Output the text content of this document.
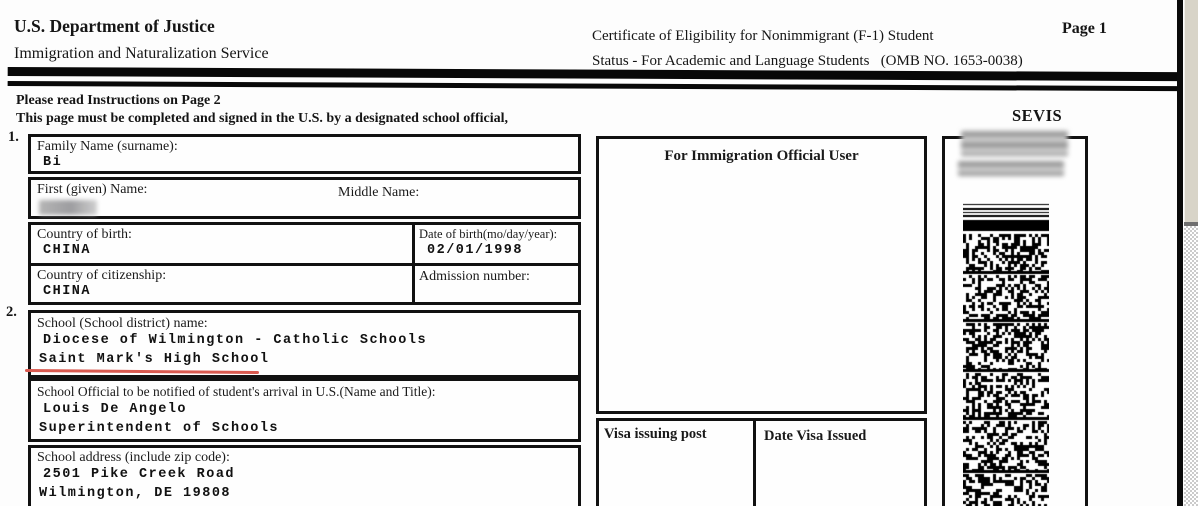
U.S. Department of Justice
Immigration and Naturalization Service
Certificate of Eligibility for Nonimmigrant (F-1) Student
Status - For Academic and Language Students   (OMB NO. 1653-0038)
Page 1
Please read Instructions on Page 2
This page must be completed and signed in the U.S. by a designated school official,
1.
Family Name (surname):
Bi
First (given) Name:	Middle Name:
Country of birth:
CHINA
Date of birth(mo/day/year):
02/01/1998
Country of citizenship:
CHINA
Admission number:
2.
School (School district) name:
Diocese of Wilmington - Catholic Schools
Saint Mark's High School
School Official to be notified of student's arrival in U.S.(Name and Title):
Louis De Angelo
Superintendent of Schools
School address (include zip code):
2501 Pike Creek Road
Wilmington, DE 19808
For Immigration Official User
Visa issuing post	Date Visa Issued
SEVIS
